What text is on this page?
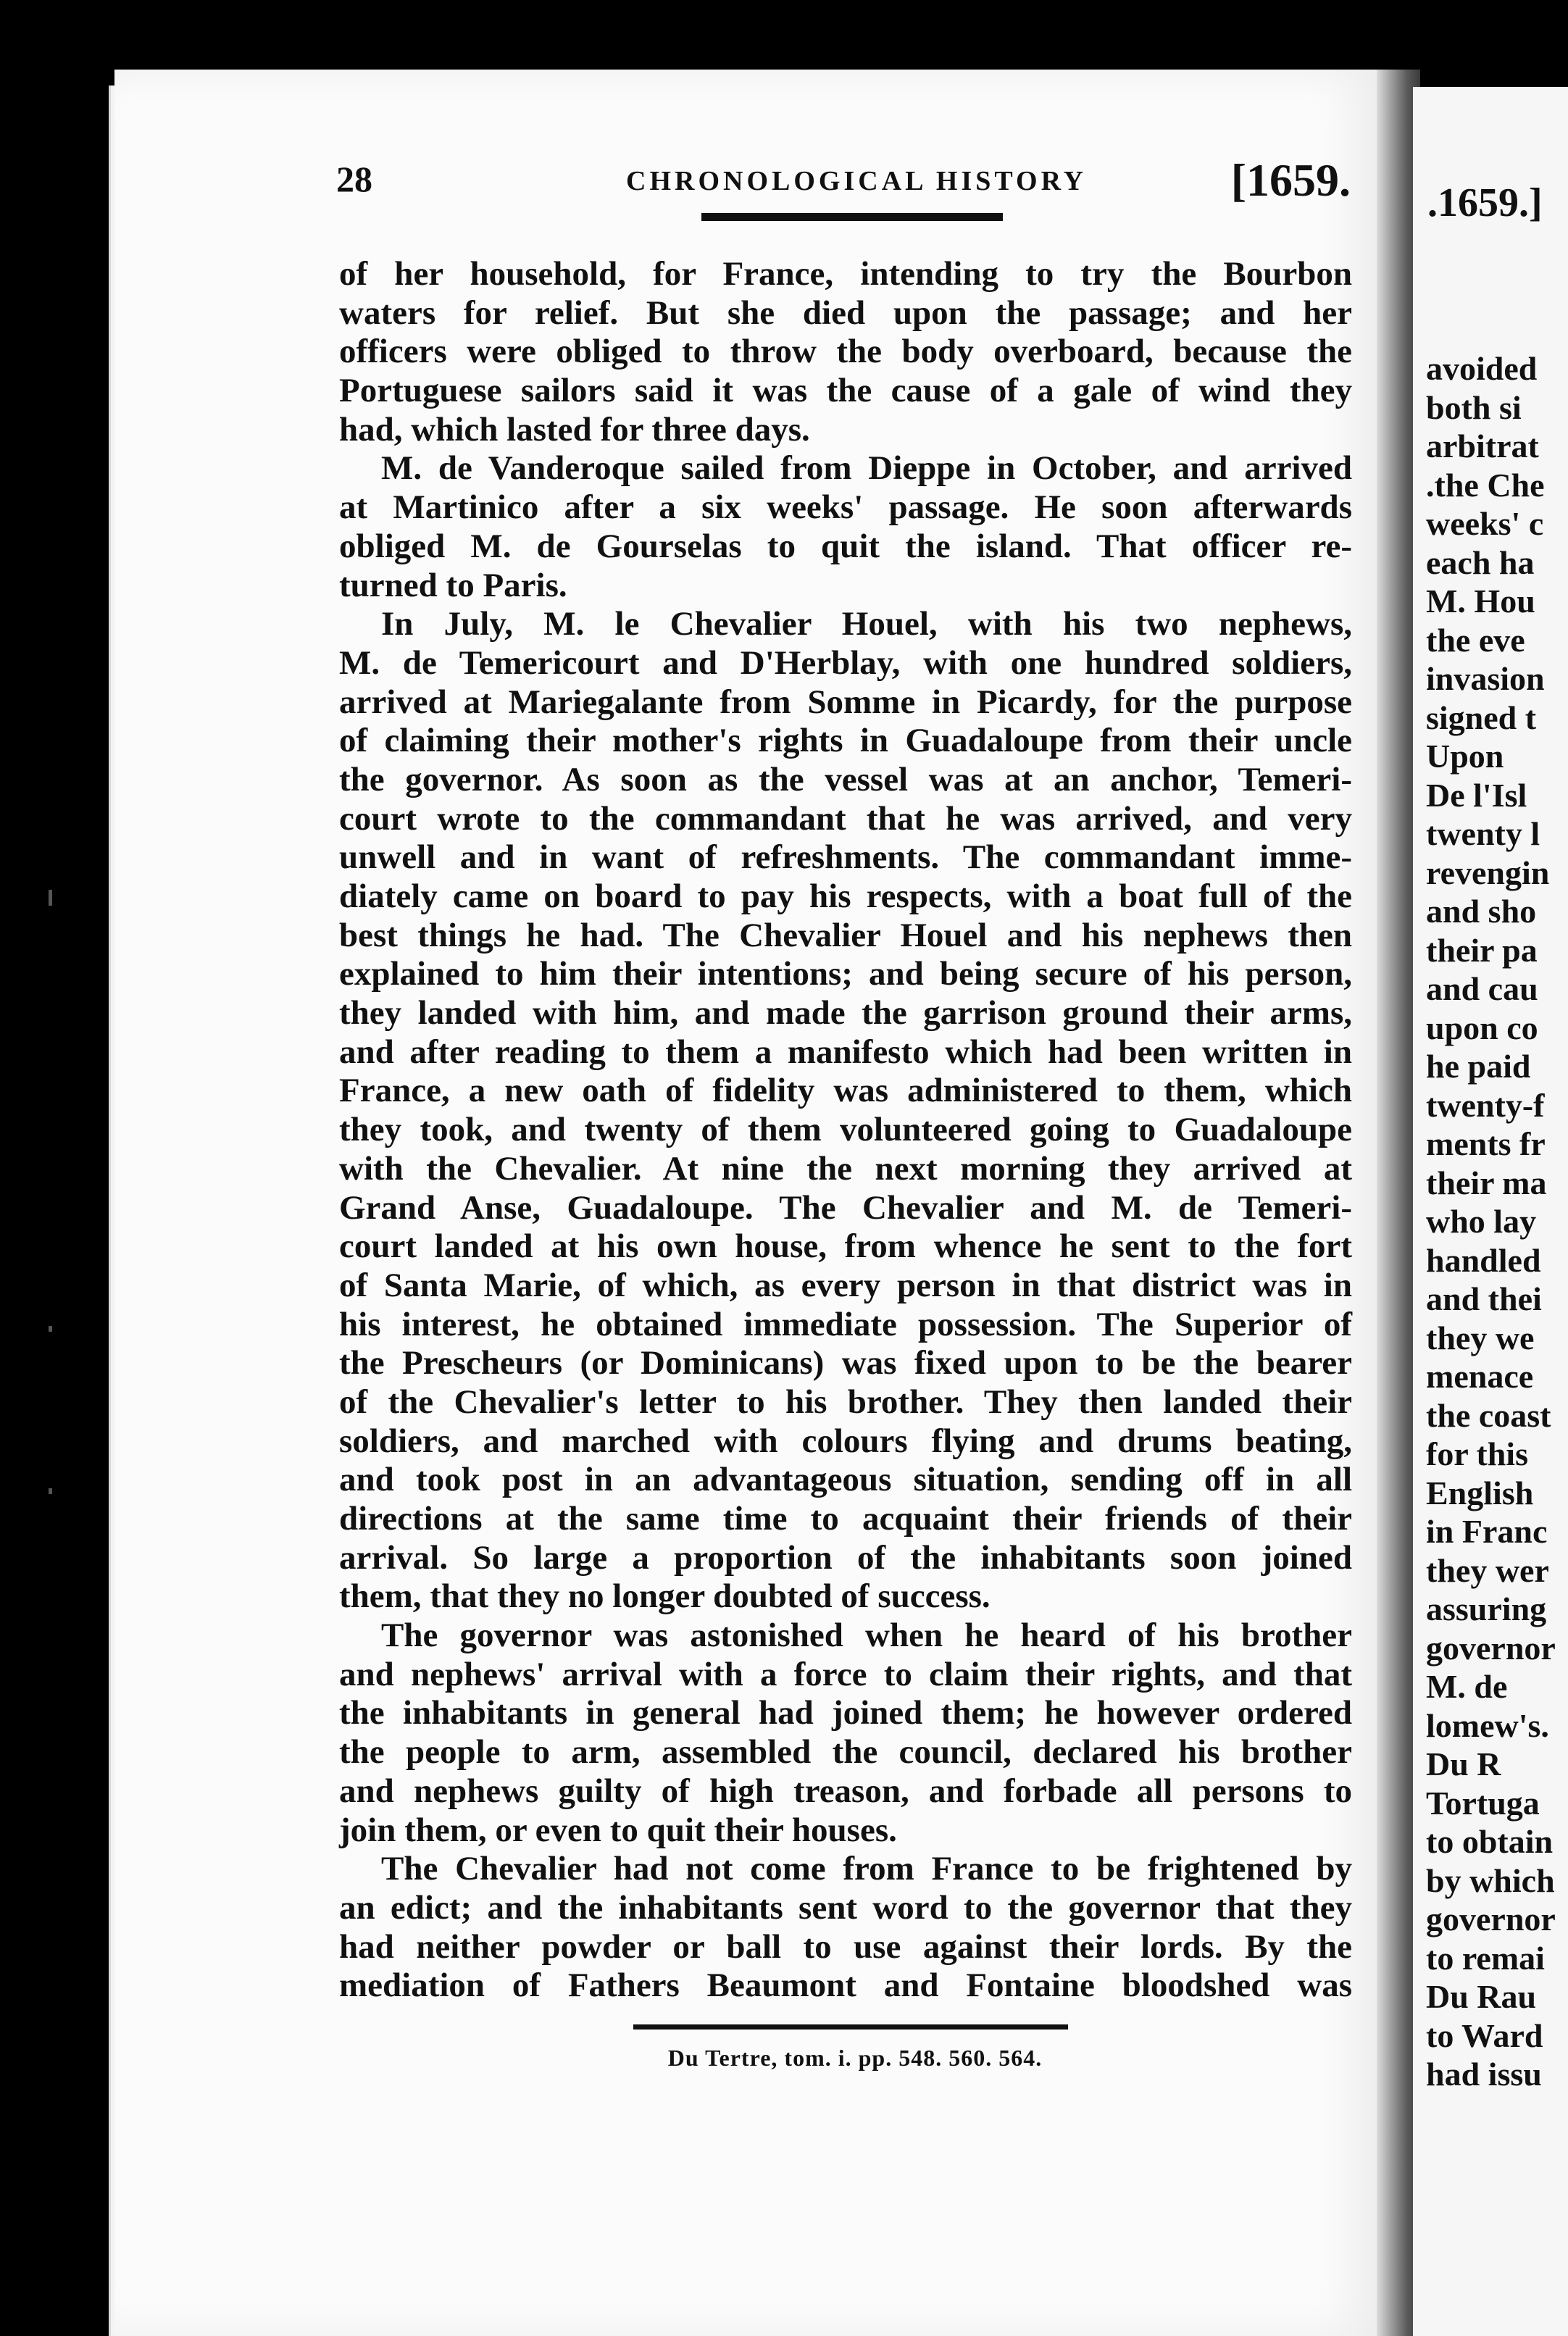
.1659.]
avoided
both si
arbitrat
.the Che
weeks' c
each ha
M. Hou
the eve
invasion
signed t
Upon
De l'Isl
twenty l
revengin
and sho
their pa
and cau
upon co
he paid
twenty-f
ments fr
their ma
who lay
handled
and thei
they we
menace
the coast
for this
English
in Franc
they wer
assuring
governor
M. de
lomew's.
Du R
Tortuga
to obtain
by which
governor
to remai
Du Rau
to Ward
had issu
28	CHRONOLOGICAL HISTORY	[1659.
of her household, for France, intending to try the Bourbon
waters for relief. But she died upon the passage; and her
officers were obliged to throw the body overboard, because the
Portuguese sailors said it was the cause of a gale of wind they
had, which lasted for three days.
M. de Vanderoque sailed from Dieppe in October, and arrived
at Martinico after a six weeks' passage. He soon afterwards
obliged M. de Gourselas to quit the island. That officer re-
turned to Paris.
In July, M. le Chevalier Houel, with his two nephews,
M. de Temericourt and D'Herblay, with one hundred soldiers,
arrived at Mariegalante from Somme in Picardy, for the purpose
of claiming their mother's rights in Guadaloupe from their uncle
the governor. As soon as the vessel was at an anchor, Temeri-
court wrote to the commandant that he was arrived, and very
unwell and in want of refreshments. The commandant imme-
diately came on board to pay his respects, with a boat full of the
best things he had. The Chevalier Houel and his nephews then
explained to him their intentions; and being secure of his person,
they landed with him, and made the garrison ground their arms,
and after reading to them a manifesto which had been written in
France, a new oath of fidelity was administered to them, which
they took, and twenty of them volunteered going to Guadaloupe
with the Chevalier. At nine the next morning they arrived at
Grand Anse, Guadaloupe. The Chevalier and M. de Temeri-
court landed at his own house, from whence he sent to the fort
of Santa Marie, of which, as every person in that district was in
his interest, he obtained immediate possession. The Superior of
the Prescheurs (or Dominicans) was fixed upon to be the bearer
of the Chevalier's letter to his brother. They then landed their
soldiers, and marched with colours flying and drums beating,
and took post in an advantageous situation, sending off in all
directions at the same time to acquaint their friends of their
arrival. So large a proportion of the inhabitants soon joined
them, that they no longer doubted of success.
The governor was astonished when he heard of his brother
and nephews' arrival with a force to claim their rights, and that
the inhabitants in general had joined them; he however ordered
the people to arm, assembled the council, declared his brother
and nephews guilty of high treason, and forbade all persons to
join them, or even to quit their houses.
The Chevalier had not come from France to be frightened by
an edict; and the inhabitants sent word to the governor that they
had neither powder or ball to use against their lords. By the
mediation of Fathers Beaumont and Fontaine bloodshed was
Du Tertre, tom. i. pp. 548. 560. 564.
